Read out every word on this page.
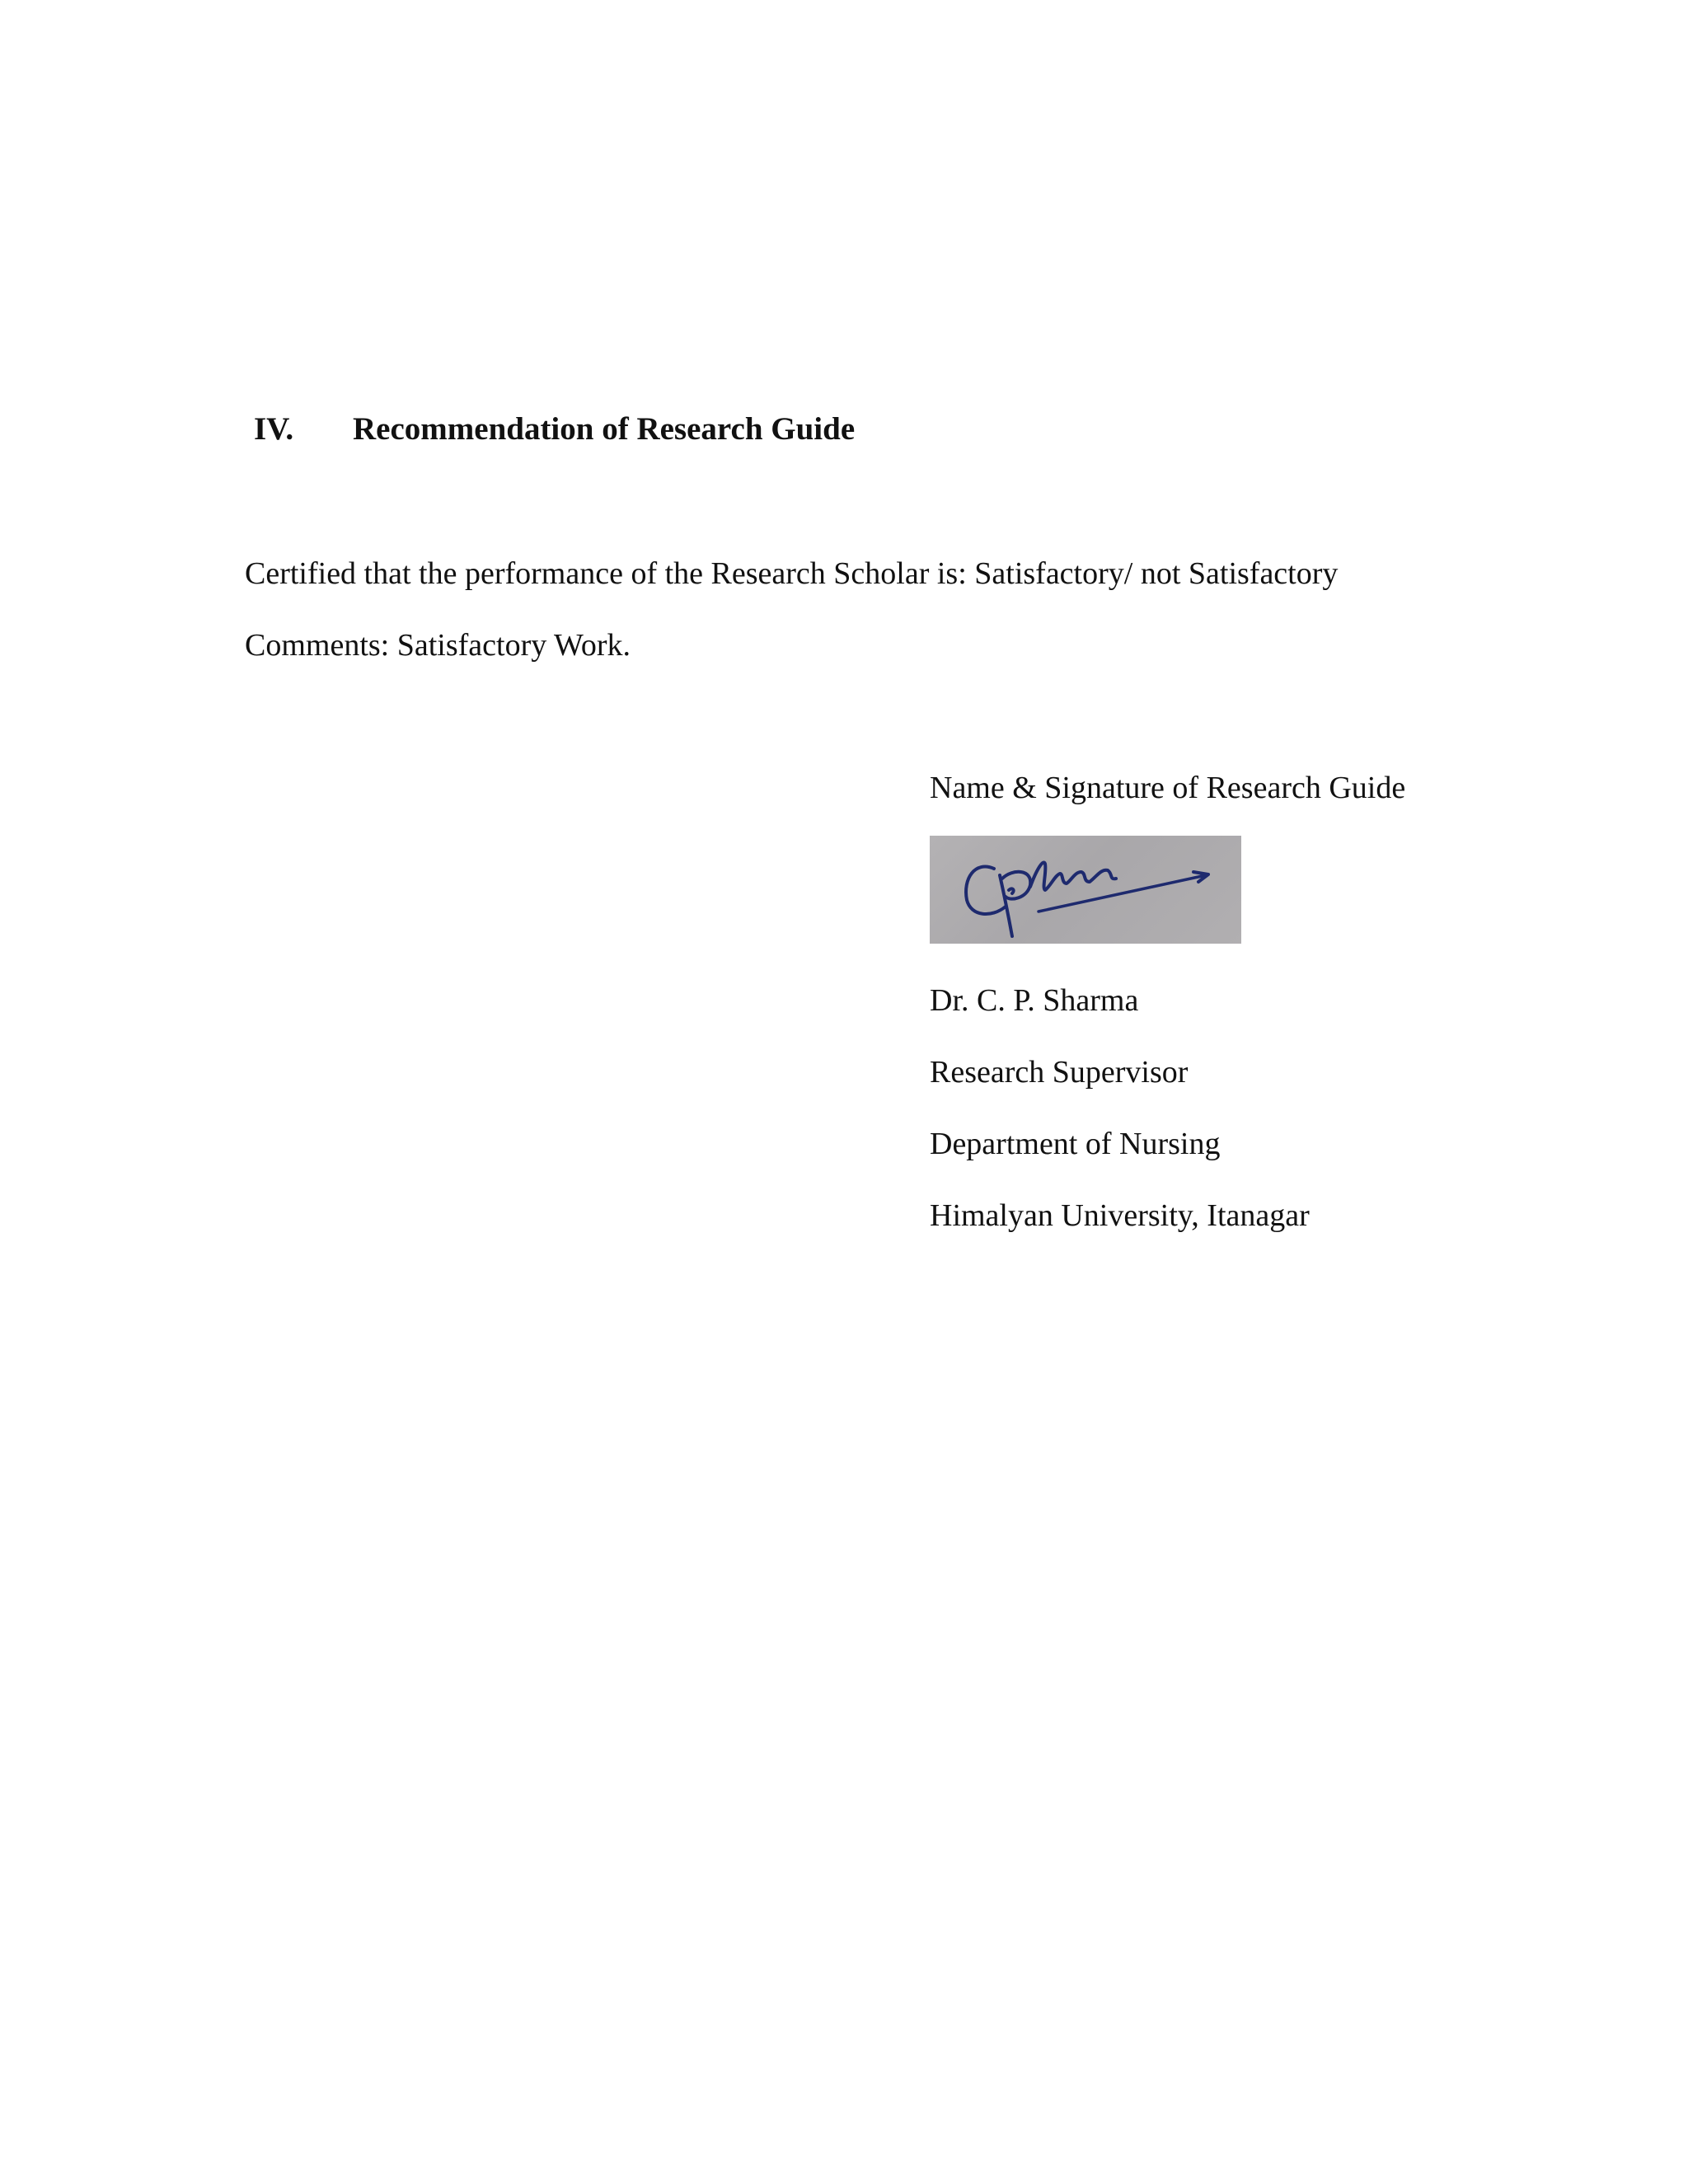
IV. Recommendation of Research Guide
Certified that the performance of the Research Scholar is: Satisfactory/ not Satisfactory
Comments: Satisfactory Work.
Name & Signature of Research Guide
Dr. C. P. Sharma
Research Supervisor
Department of Nursing
Himalyan University, Itanagar
